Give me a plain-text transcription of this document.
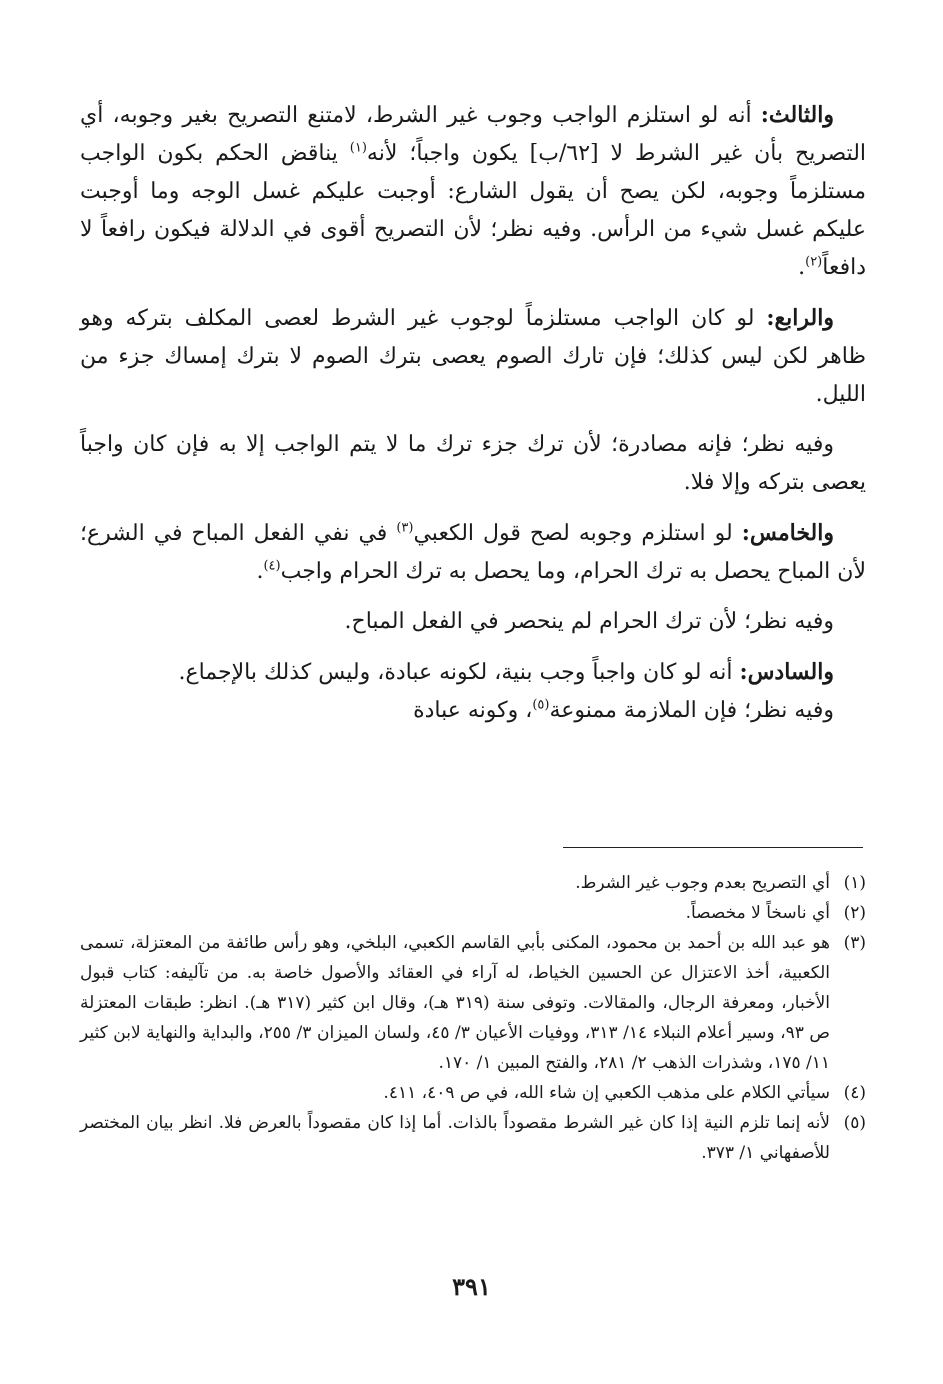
والثالث: أنه لو استلزم الواجب وجوب غير الشرط، لامتنع التصريح بغير وجوبه، أي التصريح بأن غير الشرط لا [٦٢/ب] يكون واجباً؛ لأنه$^{(١)}$ يناقض الحكم بكون الواجب مستلزماً وجوبه، لكن يصح أن يقول الشارع: أوجبت عليكم غسل الوجه وما أوجبت عليكم غسل شيء من الرأس. وفيه نظر؛ لأن التصريح أقوى في الدلالة فيكون رافعاً لا دافعاً$^{(٢)}$.

والرابع: لو كان الواجب مستلزماً لوجوب غير الشرط لعصى المكلف بتركه وهو ظاهر لكن ليس كذلك؛ فإن تارك الصوم يعصى بترك الصوم لا بترك إمساك جزء من الليل.

وفيه نظر؛ فإنه مصادرة؛ لأن ترك جزء ترك ما لا يتم الواجب إلا به فإن كان واجباً يعصى بتركه وإلا فلا.

والخامس: لو استلزم وجوبه لصح قول الكعبي$^{(٣)}$ في نفي الفعل المباح في الشرع؛ لأن المباح يحصل به ترك الحرام، وما يحصل به ترك الحرام واجب$^{(٤)}$.

وفيه نظر؛ لأن ترك الحرام لم ينحصر في الفعل المباح.

والسادس: أنه لو كان واجباً وجب بنية، لكونه عبادة، وليس كذلك بالإجماع.

وفيه نظر؛ فإن الملازمة ممنوعة$^{(٥)}$، وكونه عبادة

(١)
أي التصريح بعدم وجوب غير الشرط.
(٢)
أي ناسخاً لا مخصصاً.
(٣)
هو عبد الله بن أحمد بن محمود، المكنى بأبي القاسم الكعبي، البلخي، وهو رأس طائفة من المعتزلة، تسمى الكعبية، أخذ الاعتزال عن الحسين الخياط، له آراء في العقائد والأصول خاصة به. من تآليفه: كتاب قبول الأخبار، ومعرفة الرجال، والمقالات. وتوفى سنة (٣١٩ هـ)، وقال ابن كثير (٣١٧ هـ). انظر: طبقات المعتزلة ص ٩٣، وسير أعلام النبلاء ١٤/ ٣١٣، ووفيات الأعيان ٣/ ٤٥، ولسان الميزان ٣/ ٢٥٥، والبداية والنهاية لابن كثير ١١/ ١٧٥، وشذرات الذهب ٢/ ٢٨١، والفتح المبين ١/ ١٧٠.
(٤)
سيأتي الكلام على مذهب الكعبي إن شاء الله، في ص ٤٠٩، ٤١١.
(٥)
لأنه إنما تلزم النية إذا كان غير الشرط مقصوداً بالذات. أما إذا كان مقصوداً بالعرض فلا. انظر بيان المختصر للأصفهاني ١/ ٣٧٣.
٣٩١
